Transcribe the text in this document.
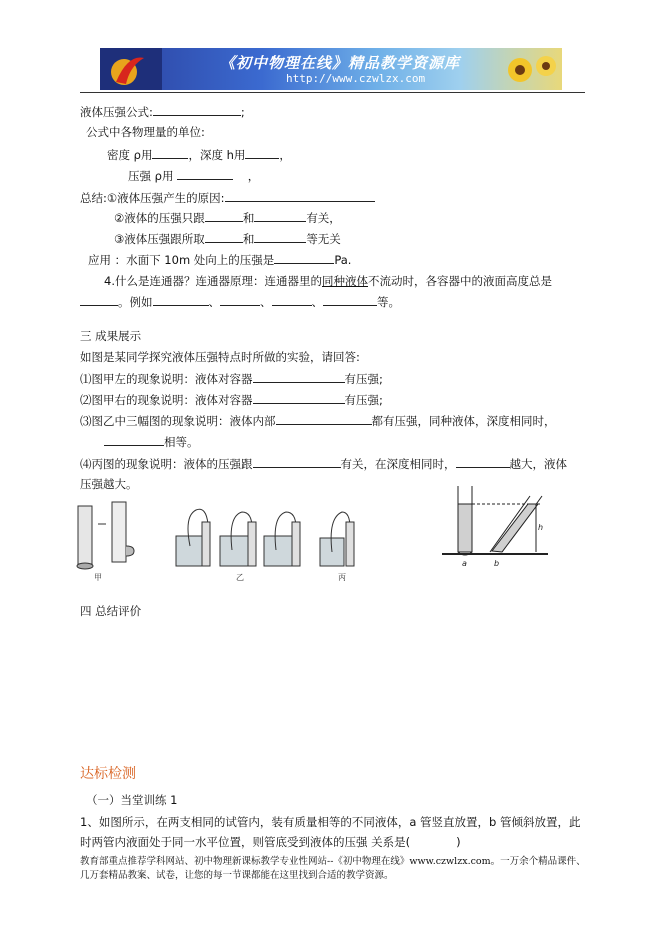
《初中物理在线》精品教学资源库
http://www.czwlzx.com
液体压强公式:	;
公式中各物理量的单位:
密度 ρ用	，深度 h用	，
压强 ρ用	，
总结:①液体压强产生的原因:
②液体的压强只跟	和	有关，
③液体压强跟所取	和	等无关
应用 ：水面下 10m 处向上的压强是	Pa.
4.什么是连通器？连通器原理：连通器里的同种液体不流动时，各容器中的液面高度总是
。例如	、	、	、	等。
三 成果展示
如图是某同学探究液体压强特点时所做的实验，请回答:
⑴图甲左的现象说明：液体对容器	有压强;
⑵图甲右的现象说明：液体对容器	有压强;
⑶图乙中三幅图的现象说明：液体内部	都有压强，同种液体，深度相同时，
相等。
⑷丙图的现象说明：液体的压强跟	有关，在深度相同时，	越大，液体
压强越大。
甲	乙	丙
a	b
h
四 总结评价
达标检测
（一）当堂训练 1
1、如图所示，在两支相同的试管内，装有质量相等的不同液体，a 管竖直放置，b 管倾斜放置，此
时两管内液面处于同一水平位置，则管底受到液体的压强 关系是(　　　　)
教育部重点推荐学科网站、初中物理新课标教学专业性网站--《初中物理在线》www.czwlzx.com。一万余个精品课件、
几万套精品教案、试卷，让您的每一节课都能在这里找到合适的教学资源。
